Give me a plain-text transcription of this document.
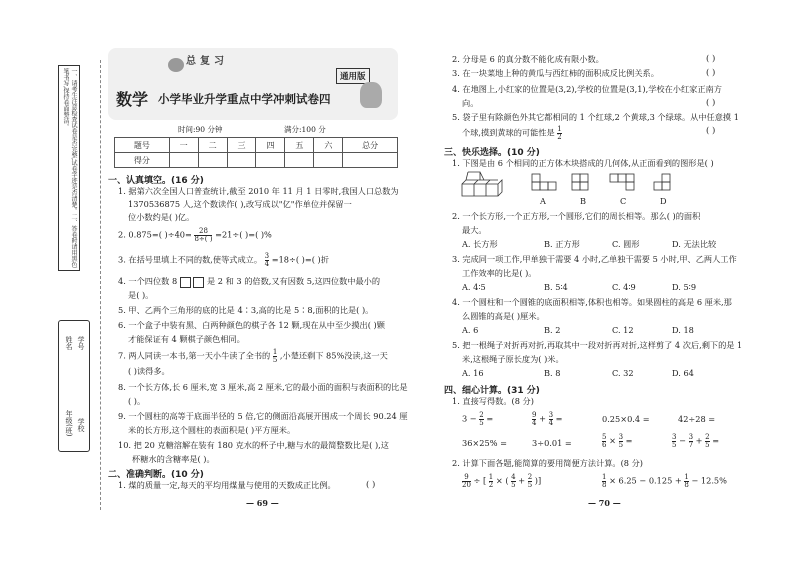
一、请考生注意检查试卷是否完整,试卷字迹是否清楚。二、答卷时请用黑色笔书写,保持卷面整洁。
学校
年级(班)
学号
姓名
总复习
数学 小学毕业升学重点中学冲刺试卷四
通用版
时间:90 分钟	满分:100 分
题号	一	二	三	四	五	六	总分
得分							
一、认真填空。(16 分)
1. 据第六次全国人口普查统计,截至 2010 年 11 月 1 日零时,我国人口总数为
1370536875 人,这个数读作( ),改写成以"亿"作单位并保留一
位小数约是( )亿。
2. 0.875=( )$\div 40= \frac{28}{8\div( )} =21\div$( )=( )%
3. 在括号里填上不同的数,使等式成立。 $\frac{3}{4} =18\div$( )=( )折
4. 一个四位数 8	是 2 和 3 的倍数,又有因数 5,这四位数中最小的
是( )。
5. 甲、乙两个三角形的底的比是 4∶3,高的比是 5∶8,面积的比是( )。
6. 一个盒子中装有黑、白两种颜色的棋子各 12 颗,现在从中至少摸出( )颗
才能保证有 4 颗棋子颜色相同。
7. 两人同读一本书,第一天小牛读了全书的 $\frac{1}{5}$ ,小楚还剩下 85%没读,这一天
( )读得多。
8. 一个长方体,长 6 厘米,宽 3 厘米,高 2 厘米,它的最小面的面积与表面积的比是
( )。
9. 一个圆柱的高等于底面半径的 5 倍,它的侧面沿高展开围成一个周长 90.24 厘
米的长方形,这个圆柱的表面积是( )平方厘米。
10. 把 20 克糖溶解在装有 180 克水的杯子中,糖与水的最简整数比是( ),这
杯糖水的含糖率是( )。
二、准确判断。(10 分)
1. 煤的质量一定,每天的平均用煤量与使用的天数成正比例。	( )
— 69 —
2. 分母是 6 的真分数不能化成有限小数。	( )
3. 在一块菜地上种的黄瓜与西红柿的面积成反比例关系。	( )
4. 在地图上,小红家的位置是(3,2),学校的位置是(3,1),学校在小红家正南方
向。	( )
5. 袋子里有除颜色外其它都相同的 1 个红球,2 个黄球,3 个绿球。从中任意摸 1
个球,摸到黄球的可能性是 $\frac{1}{2}$	( )
三、快乐选择。(10 分)
1. 下图是由 6 个相同的正方体木块搭成的几何体,从正面看到的图形是( )
A	B	C	D
2. 一个长方形,一个正方形,一个圆形,它们的周长相等。那么( )的面积
最大。
A. 长方形	B. 正方形	C. 圆形	D. 无法比较
3. 完成同一项工作,甲单独干需要 4 小时,乙单独干需要 5 小时,甲、乙两人工作
工作效率的比是( )。
A. 4∶5	B. 5∶4	C. 4∶9	D. 5∶9
4. 一个圆柱和一个圆锥的底面积相等,体积也相等。如果圆柱的高是 6 厘米,那
么圆锥的高是( )厘米。
A. 6	B. 2	C. 12	D. 18
5. 把一根绳子对折再对折,再取其中一段对折再对折,这样剪了 4 次后,剩下的是 1
米,这根绳子原长度为( )米。
A. 16	B. 8	C. 32	D. 64
四、细心计算。(31 分)
1. 直接写得数。(8 分)
$3 - \frac{2}{5}$ =	$\frac{9}{4} + \frac{3}{4}$ =	0.25×0.4 =	42÷28 =
36×25% =	3÷0.01 =	$\frac{5}{6} \times \frac{3}{5}$ =	$\frac{3}{5} - \frac{3}{7} + \frac{2}{5}$ =
2. 计算下面各题,能简算的要用简便方法计算。(8 分)
$\frac{9}{20}$ ÷ [ $\frac{1}{2}$ × ( $\frac{4}{5} + \frac{2}{5}$ )]	$\frac{1}{8} \times 6.25 - 0.125 + \frac{1}{8} - 12.5\%$
— 70 —
